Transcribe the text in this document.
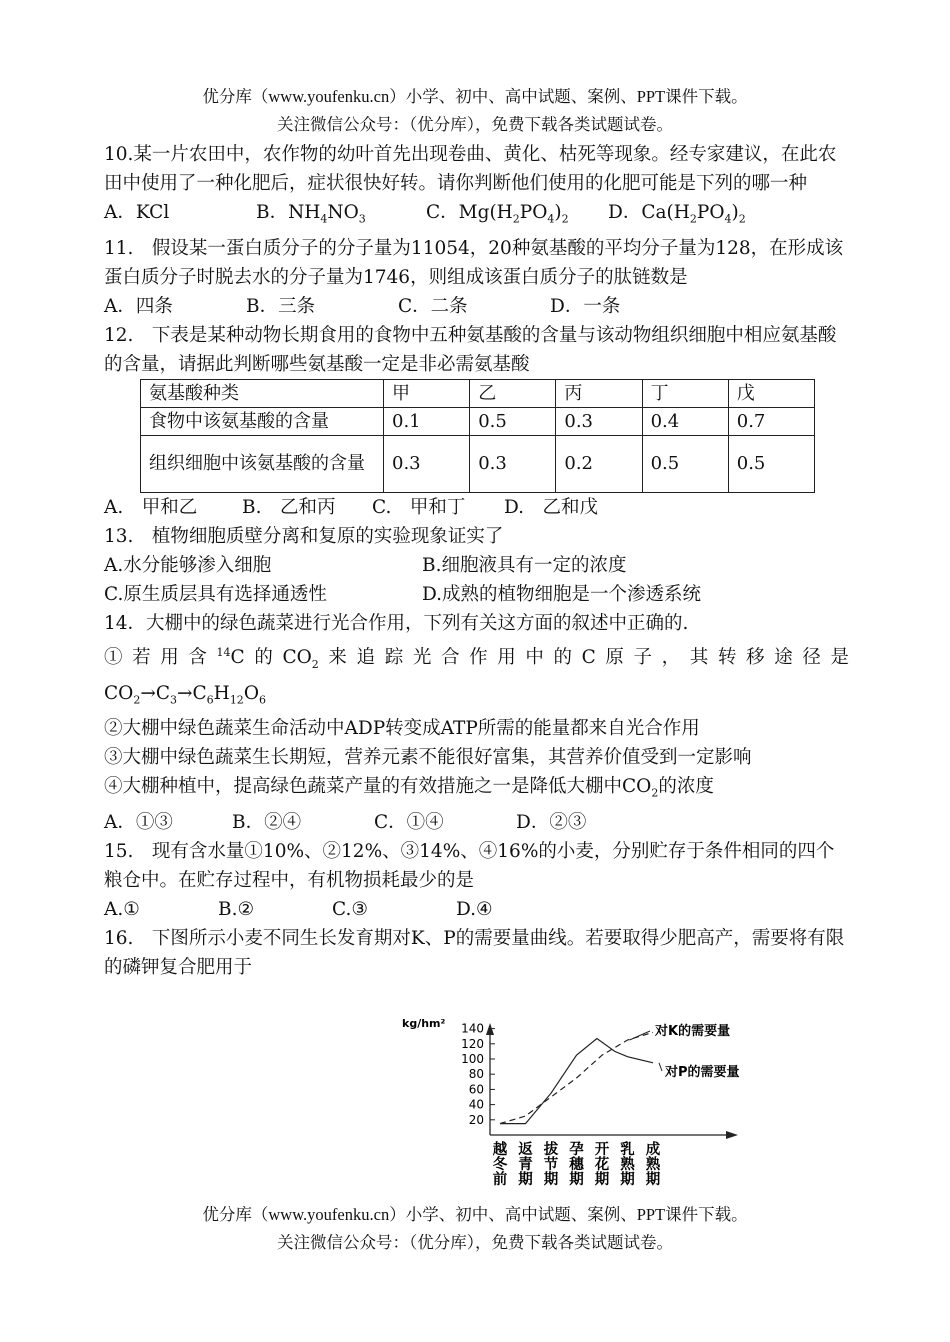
优分库（www.youfenku.cn）小学、初中、高中试题、案例、PPT课件下载。
关注微信公众号：（优分库），免费下载各类试题试卷。

10.某一片农田中，农作物的幼叶首先出现卷曲、黄化、枯死等现象。经专家建议，在此农田中使用了一种化肥后，症状很快好转。请你判断他们使用的化肥可能是下列的哪一种

A．KCl	B．$NH_4NO_3$	C．$Mg(H_2PO_4)_2$	D．$Ca(H_2PO_4)_2$

11.　假设某一蛋白质分子的分子量为11054，20种氨基酸的平均分子量为128，在形成该蛋白质分子时脱去水的分子量为1746，则组成该蛋白质分子的肽链数是

A．四条	B．三条	C．二条	D．一条

12.　下表是某种动物长期食用的食物中五种氨基酸的含量与该动物组织细胞中相应氨基酸的含量，请据此判断哪些氨基酸一定是非必需氨基酸

氨基酸种类	甲	乙	丙	丁	戊
食物中该氨基酸的含量	0.1	0.5	0.3	0.4	0.7
组织细胞中该氨基酸的含量	0.3	0.3	0.2	0.5	0.5
A.　甲和乙	B.　乙和丙	C.　甲和丁	D.　乙和戊

13.　植物细胞质壁分离和复原的实验现象证实了

A.水分能够渗入细胞	B.细胞液具有一定的浓度
C.原生质层具有选择通透性	D.成熟的植物细胞是一个渗透系统

14．大棚中的绿色蔬菜进行光合作用，下列有关这方面的叙述中正确的.

①若用含$^{14}$C的$CO_2$来追踪光合作用中的C原子，其转移途径是

$CO_2\to C_3\to C_6H_{12}O_6$

②大棚中绿色蔬菜生命活动中ADP转变成ATP所需的能量都来自光合作用

③大棚中绿色蔬菜生长期短，营养元素不能很好富集，其营养价值受到一定影响

④大棚种植中，提高绿色蔬菜产量的有效措施之一是降低大棚中$CO_2$的浓度

A．①③	B．②④	C．①④	D．②③

15.　现有含水量①10%、②12%、③14%、④16%的小麦，分别贮存于条件相同的四个粮仓中。在贮存过程中，有机物损耗最少的是

A.①	B.②	C.③	D.④

16.　下图所示小麦不同生长发育期对K、P的需要量曲线。若要取得少肥高产，需要将有限的磷钾复合肥用于

kg/hm²
20
40
60
80
100
120
140
越 返 拔 孕 开 乳 成
冬 青 节 穗 花 熟 熟
前 期 期 期 期 期 期
对K的需要量
对P的需要量
优分库（www.youfenku.cn）小学、初中、高中试题、案例、PPT课件下载。
关注微信公众号：（优分库），免费下载各类试题试卷。
